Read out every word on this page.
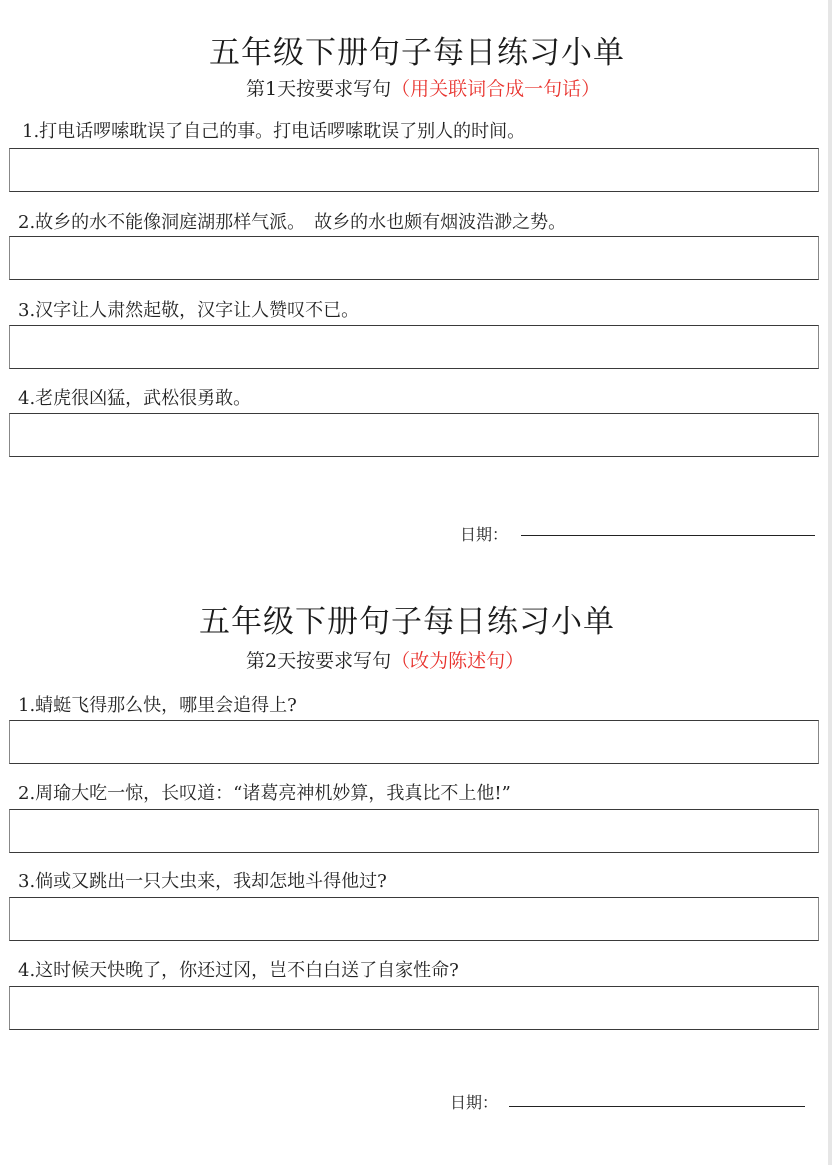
五年级下册句子每日练习小单
第1天按要求写句（用关联词合成一句话）
1.打电话啰嗦耽误了自己的事。打电话啰嗦耽误了别人的时间。
2.故乡的水不能像洞庭湖那样气派。　故乡的水也颇有烟波浩渺之势。
3.汉字让人肃然起敬，汉字让人赞叹不已。
4.老虎很凶猛，武松很勇敢。
日期：
五年级下册句子每日练习小单
第2天按要求写句（改为陈述句）
1.蜻蜓飞得那么快，哪里会追得上?
2.周瑜大吃一惊，长叹道：“诸葛亮神机妙算，我真比不上他!”
3.倘或又跳出一只大虫来，我却怎地斗得他过?
4.这时候天快晚了，你还过冈，岂不白白送了自家性命?
日期：
